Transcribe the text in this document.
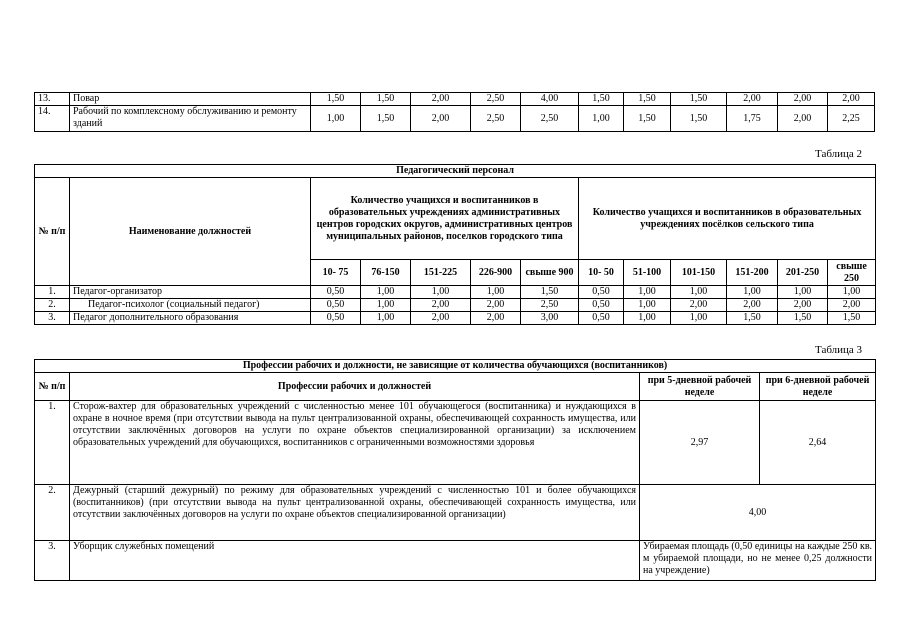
13.	Повар	1,50	1,50	2,00	2,50	4,00	1,50	1,50	1,50	2,00	2,00	2,00
14.	Рабочий по комплексному обслуживанию и ремонту зданий	1,00	1,50	2,00	2,50	2,50	1,00	1,50	1,50	1,75	2,00	2,25
Таблица 2
Педагогический персонал												
№ п/п	Наименование должностей	Количество учащихся и воспитанников в образовательных учреждениях административных центров городских округов, административных центров муниципальных районов, поселков городского типа					Количество учащихся и воспитанников в образовательных учреждениях посёлков сельского типа					
		10- 75	76-150	151-225	226-900	свыше 900	10- 50	51-100	101-150	151-200	201-250	свыше 250
1.	Педагог-организатор	0,50	1,00	1,00	1,00	1,50	0,50	1,00	1,00	1,00	1,00	1,00
2.	Педагог-психолог (социальный педагог)	0,50	1,00	2,00	2,00	2,50	0,50	1,00	2,00	2,00	2,00	2,00
3.	Педагог дополнительного образования	0,50	1,00	2,00	2,00	3,00	0,50	1,00	1,00	1,50	1,50	1,50
Таблица 3
Профессии рабочих и должности, не зависящие от количества обучающихся (воспитанников)			
№ п/п	Профессии рабочих и должностей	при 5-дневной рабочей неделе	при 6-дневной рабочей неделе
1.	Сторож-вахтер для образовательных учреждений с численностью менее 101 обучающегося (воспитанника) и нуждающихся в охране в ночное время (при отсутствии вывода на пульт централизованной охраны, обеспечивающей сохранность имущества, или отсутствии заключённых договоров на услуги по охране объектов специализированной организации) за исключением образовательных учреждений для обучающихся, воспитанников с ограниченными возможностями здоровья	2,97	2,64
2.	Дежурный (старший дежурный) по режиму для образовательных учреждений с численностью 101 и более обучающихся (воспитанников) (при отсутствии вывода на пульт централизованной охраны, обеспечивающей сохранность имущества, или отсутствии заключённых договоров на услуги по охране объектов специализированной организации)	4,00	
3.	Уборщик служебных помещений	Убираемая площадь (0,50 единицы на каждые 250 кв. м убираемой площади, но не менее 0,25 должности на учреждение)	
